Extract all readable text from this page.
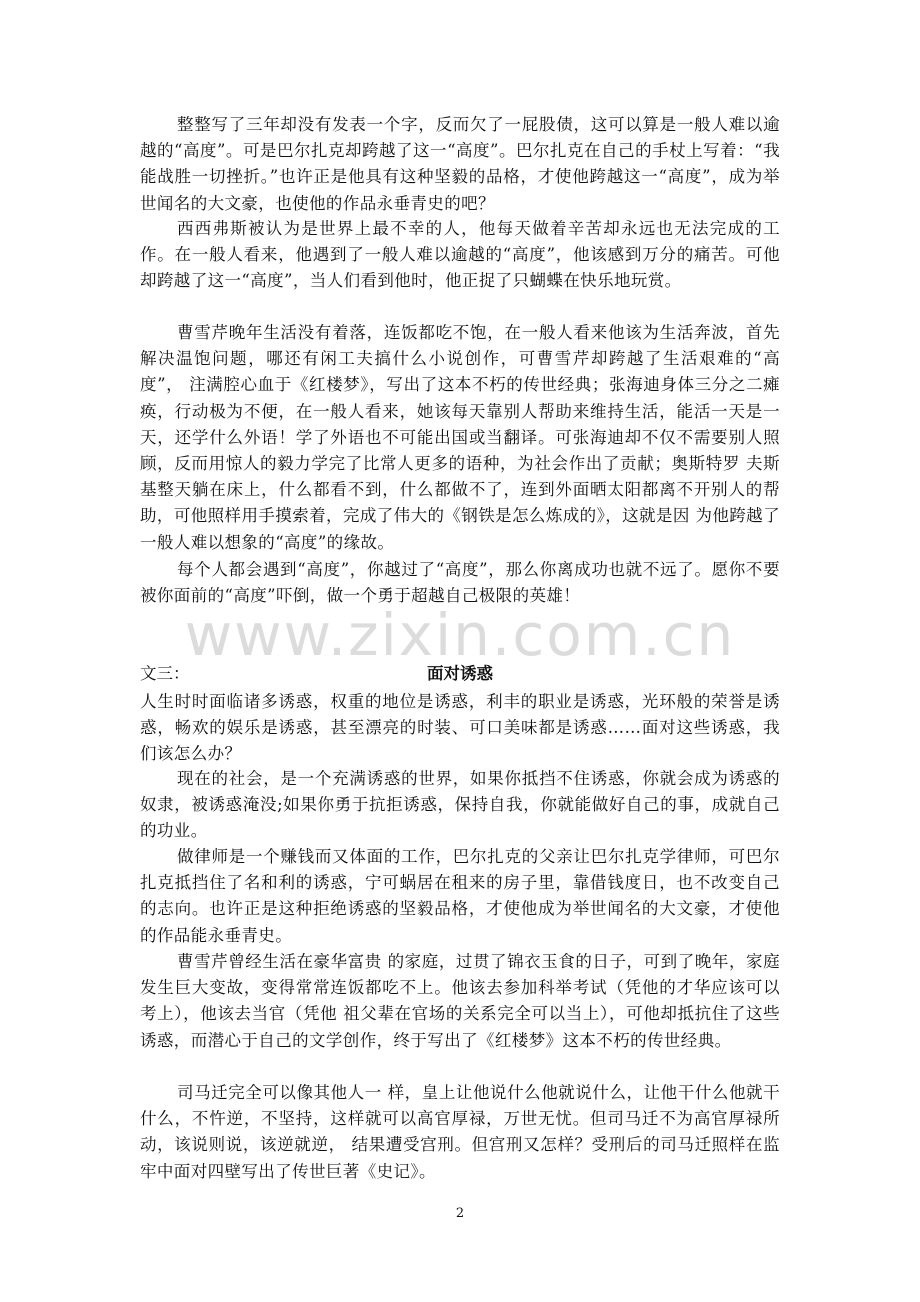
整整写了三年却没有发表一个字，反而欠了一屁股债，这可以算是一般人难以逾越的“高度”。可是巴尔扎克却跨越了这一“高度”。巴尔扎克在自己的手杖上写着：“我能战胜一切挫折。”也许正是他具有这种坚毅的品格，才使他跨越这一“高度”，成为举世闻名的大文豪，也使他的作品永垂青史的吧？

西西弗斯被认为是世界上最不幸的人，他每天做着辛苦却永远也无法完成的工作。在一般人看来，他遇到了一般人难以逾越的“高度”，他该感到万分的痛苦。可他却跨越了这一“高度”，当人们看到他时，他正捉了只蝴蝶在快乐地玩赏。

曹雪芹晚年生活没有着落，连饭都吃不饱，在一般人看来他该为生活奔波，首先解决温饱问题，哪还有闲工夫搞什么小说创作，可曹雪芹却跨越了生活艰难的“高度”， 注满腔心血于《红楼梦》，写出了这本不朽的传世经典；张海迪身体三分之二瘫痪，行动极为不便，在一般人看来，她该每天靠别人帮助来维持生活，能活一天是一 天，还学什么外语！学了外语也不可能出国或当翻译。可张海迪却不仅不需要别人照顾，反而用惊人的毅力学完了比常人更多的语种，为社会作出了贡献；奥斯特罗 夫斯基整天躺在床上，什么都看不到，什么都做不了，连到外面晒太阳都离不开别人的帮助，可他照样用手摸索着，完成了伟大的《钢铁是怎么炼成的》，这就是因 为他跨越了一般人难以想象的“高度”的缘故。

每个人都会遇到“高度”，你越过了“高度”，那么你离成功也就不远了。愿你不要被你面前的“高度”吓倒，做一个勇于超越自己极限的英雄！

www.zixin.com.cn
文三：	面对诱惑

人生时时面临诸多诱惑，权重的地位是诱惑，利丰的职业是诱惑，光环般的荣誉是诱惑，畅欢的娱乐是诱惑，甚至漂亮的时装、可口美味都是诱惑……面对这些诱惑，我们该怎么办？

现在的社会，是一个充满诱惑的世界，如果你抵挡不住诱惑，你就会成为诱惑的奴隶，被诱惑淹没;如果你勇于抗拒诱惑，保持自我，你就能做好自己的事，成就自己的功业。

做律师是一个赚钱而又体面的工作，巴尔扎克的父亲让巴尔扎克学律师，可巴尔扎克抵挡住了名和利的诱惑，宁可蜗居在租来的房子里，靠借钱度日，也不改变自己的志向。也许正是这种拒绝诱惑的坚毅品格，才使他成为举世闻名的大文豪，才使他的作品能永垂青史。

曹雪芹曾经生活在豪华富贵 的家庭，过贯了锦衣玉食的日子，可到了晚年，家庭发生巨大变故，变得常常连饭都吃不上。他该去参加科举考试（凭他的才华应该可以考上），他该去当官（凭他 祖父辈在官场的关系完全可以当上），可他却抵抗住了这些诱惑，而潜心于自己的文学创作，终于写出了《红楼梦》这本不朽的传世经典。

司马迁完全可以像其他人一 样，皇上让他说什么他就说什么，让他干什么他就干什么，不忤逆，不坚持，这样就可以高官厚禄，万世无忧。但司马迁不为高官厚禄所动，该说则说，该逆就逆， 结果遭受宫刑。但宫刑又怎样？受刑后的司马迁照样在监牢中面对四壁写出了传世巨著《史记》。

2
